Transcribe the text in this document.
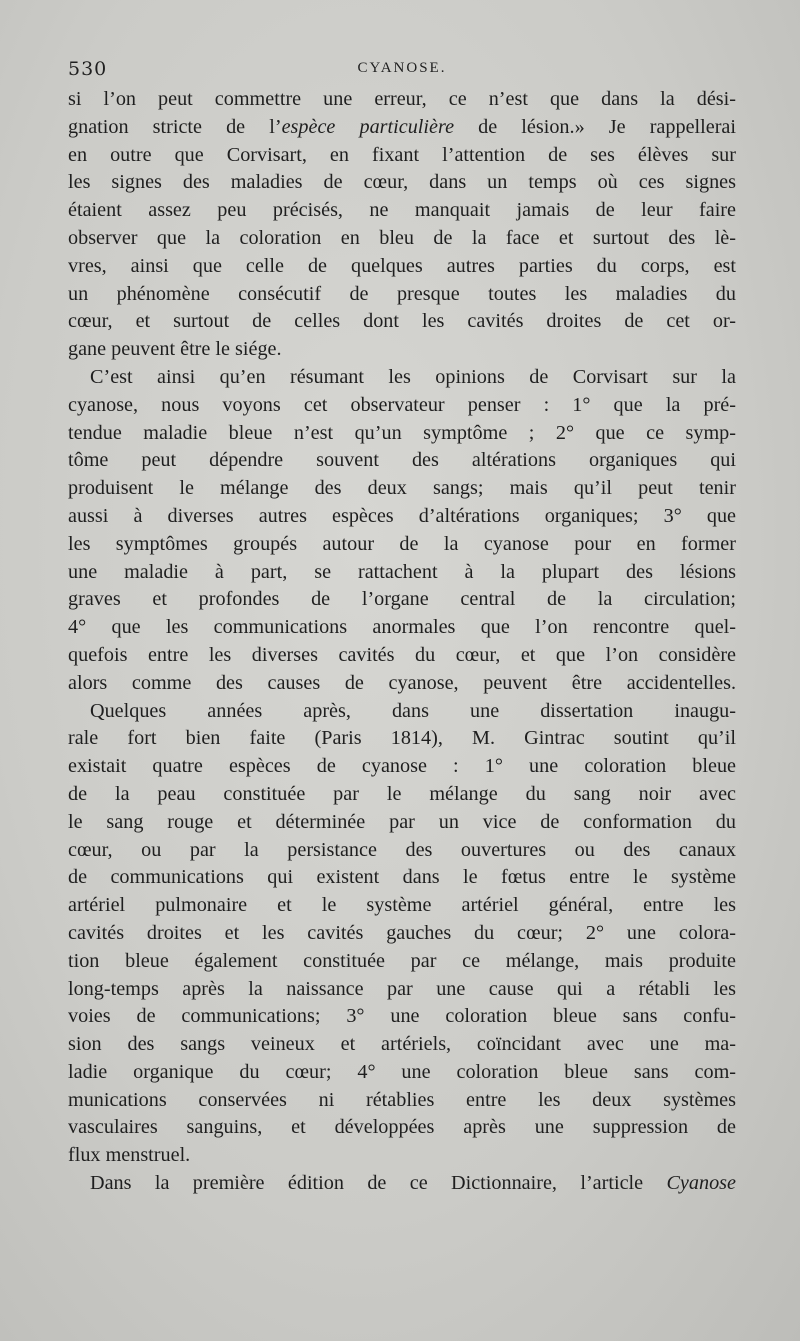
530	CYANOSE.
si l’on peut commettre une erreur, ce n’est que dans la dési-
gnation stricte de l’espèce particulière de lésion.» Je rappellerai
en outre que Corvisart, en fixant l’attention de ses élèves sur
les signes des maladies de cœur, dans un temps où ces signes
étaient assez peu précisés, ne manquait jamais de leur faire
observer que la coloration en bleu de la face et surtout des lè-
vres, ainsi que celle de quelques autres parties du corps, est
un phénomène consécutif de presque toutes les maladies du
cœur, et surtout de celles dont les cavités droites de cet or-
gane peuvent être le siége.
C’est ainsi qu’en résumant les opinions de Corvisart sur la
cyanose, nous voyons cet observateur penser : 1° que la pré-
tendue maladie bleue n’est qu’un symptôme ; 2° que ce symp-
tôme peut dépendre souvent des altérations organiques qui
produisent le mélange des deux sangs; mais qu’il peut tenir
aussi à diverses autres espèces d’altérations organiques; 3° que
les symptômes groupés autour de la cyanose pour en former
une maladie à part, se rattachent à la plupart des lésions
graves et profondes de l’organe central de la circulation;
4° que les communications anormales que l’on rencontre quel-
quefois entre les diverses cavités du cœur, et que l’on considère
alors comme des causes de cyanose, peuvent être accidentelles.
Quelques années après, dans une dissertation inaugu-
rale fort bien faite (Paris 1814), M. Gintrac soutint qu’il
existait quatre espèces de cyanose : 1° une coloration bleue
de la peau constituée par le mélange du sang noir avec
le sang rouge et déterminée par un vice de conformation du
cœur, ou par la persistance des ouvertures ou des canaux
de communications qui existent dans le fœtus entre le système
artériel pulmonaire et le système artériel général, entre les
cavités droites et les cavités gauches du cœur; 2° une colora-
tion bleue également constituée par ce mélange, mais produite
long-temps après la naissance par une cause qui a rétabli les
voies de communications; 3° une coloration bleue sans confu-
sion des sangs veineux et artériels, coïncidant avec une ma-
ladie organique du cœur; 4° une coloration bleue sans com-
munications conservées ni rétablies entre les deux systèmes
vasculaires sanguins, et développées après une suppression de
flux menstruel.
Dans la première édition de ce Dictionnaire, l’article Cyanose
